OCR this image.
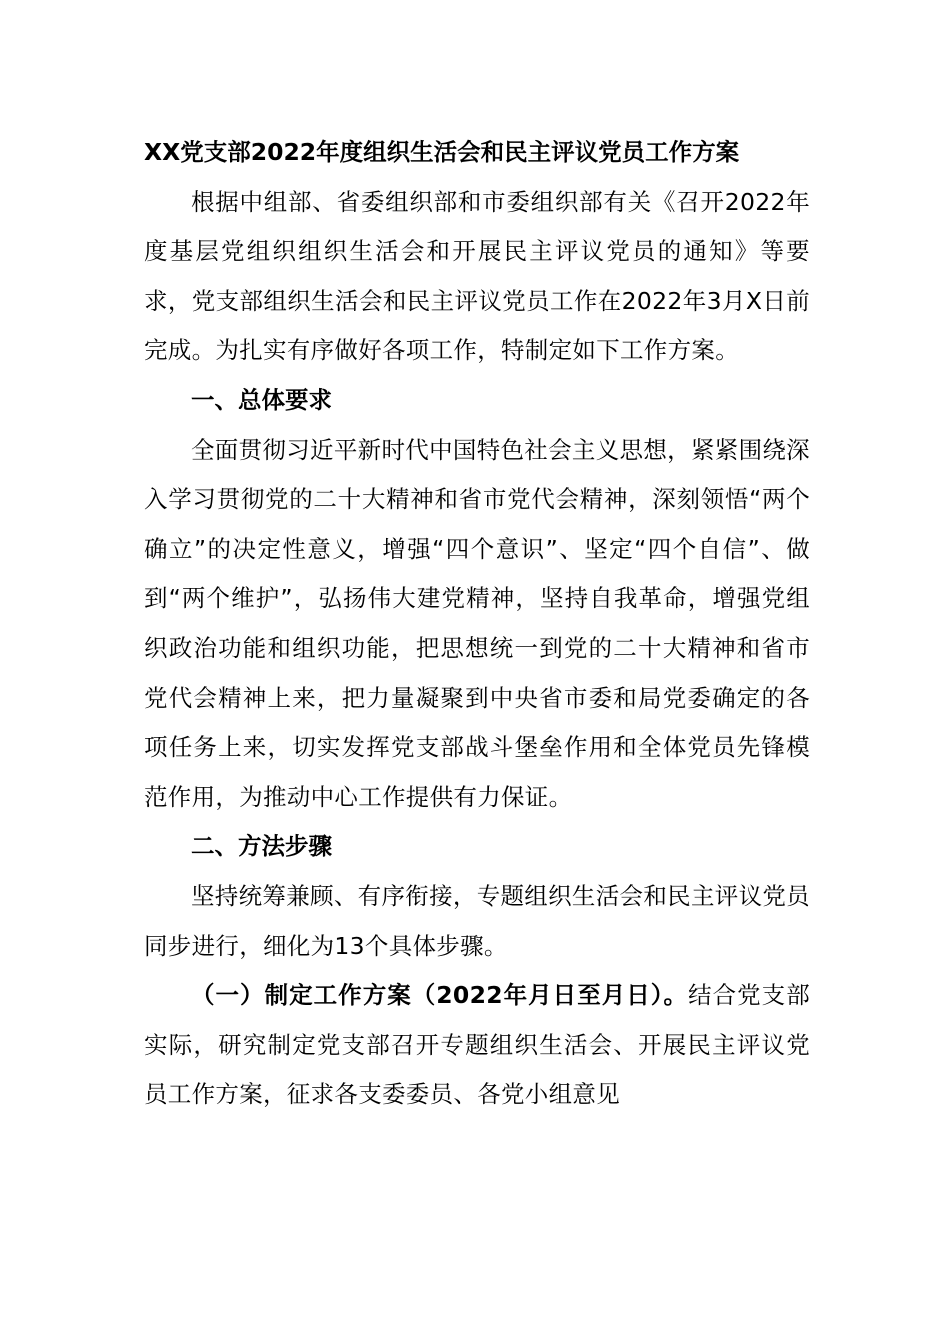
XX党支部2022年度组织生活会和民主评议党员工作方案

根据中组部、省委组织部和市委组织部有关《召开2022年度基层党组织组织生活会和开展民主评议党员的通知》等要求，党支部组织生活会和民主评议党员工作在2022年3月X日前完成。为扎实有序做好各项工作，特制定如下工作方案。

一、总体要求

全面贯彻习近平新时代中国特色社会主义思想，紧紧围绕深入学习贯彻党的二十大精神和省市党代会精神，深刻领悟“两个确立”的决定性意义，增强“四个意识”、坚定“四个自信”、做到“两个维护”，弘扬伟大建党精神，坚持自我革命，增强党组织政治功能和组织功能，把思想统一到党的二十大精神和省市党代会精神上来，把力量凝聚到中央省市委和局党委确定的各项任务上来，切实发挥党支部战斗堡垒作用和全体党员先锋模范作用，为推动中心工作提供有力保证。

二、方法步骤

坚持统筹兼顾、有序衔接，专题组织生活会和民主评议党员同步进行，细化为13个具体步骤。

（一）制定工作方案（2022年月日至月日）。结合党支部实际，研究制定党支部召开专题组织生活会、开展民主评议党员工作方案，征求各支委委员、各党小组意见
